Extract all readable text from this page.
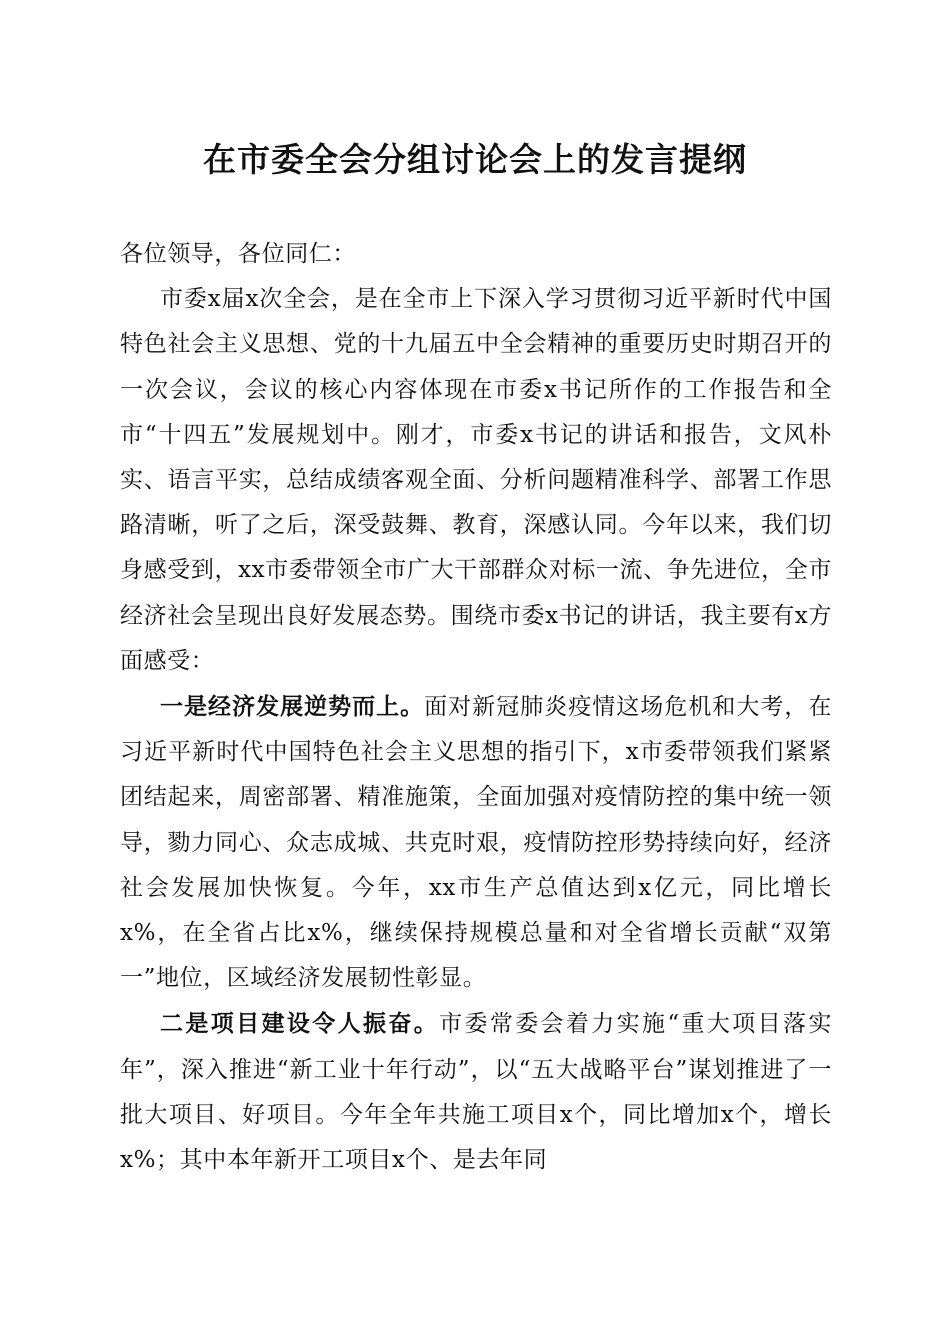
在市委全会分组讨论会上的发言提纲

各位领导，各位同仁：

市委x届x次全会，是在全市上下深入学习贯彻习近平新时代中国特色社会主义思想、党的十九届五中全会精神的重要历史时期召开的一次会议，会议的核心内容体现在市委x书记所作的工作报告和全市“十四五”发展规划中。刚才，市委x书记的讲话和报告，文风朴实、语言平实，总结成绩客观全面、分析问题精准科学、部署工作思路清晰，听了之后，深受鼓舞、教育，深感认同。今年以来，我们切身感受到，xx市委带领全市广大干部群众对标一流、争先进位，全市经济社会呈现出良好发展态势。围绕市委x书记的讲话，我主要有x方面感受：

一是经济发展逆势而上。面对新冠肺炎疫情这场危机和大考，在习近平新时代中国特色社会主义思想的指引下，x市委带领我们紧紧团结起来，周密部署、精准施策，全面加强对疫情防控的集中统一领导，勠力同心、众志成城、共克时艰，疫情防控形势持续向好，经济社会发展加快恢复。今年，xx市生产总值达到x亿元，同比增长x%，在全省占比x%，继续保持规模总量和对全省增长贡献“双第一”地位，区域经济发展韧性彰显。

二是项目建设令人振奋。市委常委会着力实施“重大项目落实年”，深入推进“新工业十年行动”，以“五大战略平台”谋划推进了一批大项目、好项目。今年全年共施工项目x个，同比增加x个，增长x%；其中本年新开工项目x个、是去年同
